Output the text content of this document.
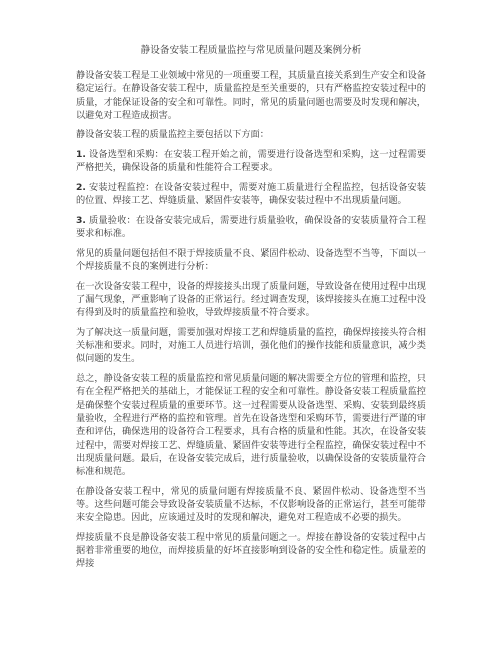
静设备安装工程质量监控与常见质量问题及案例分析

静设备安装工程是工业领域中常见的一项重要工程，其质量直接关系到生产安全和设备稳定运行。在静设备安装工程中，质量监控是至关重要的，只有严格监控安装过程中的质量，才能保证设备的安全和可靠性。同时，常见的质量问题也需要及时发现和解决，以避免对工程造成损害。

静设备安装工程的质量监控主要包括以下方面：

1. 设备选型和采购：在安装工程开始之前，需要进行设备选型和采购，这一过程需要严格把关，确保设备的质量和性能符合工程要求。

2. 安装过程监控：在设备安装过程中，需要对施工质量进行全程监控，包括设备安装的位置、焊接工艺、焊缝质量、紧固件安装等，确保安装过程中不出现质量问题。

3. 质量验收：在设备安装完成后，需要进行质量验收，确保设备的安装质量符合工程要求和标准。

常见的质量问题包括但不限于焊接质量不良、紧固件松动、设备选型不当等，下面以一个焊接质量不良的案例进行分析：

在一次设备安装工程中，设备的焊接接头出现了质量问题，导致设备在使用过程中出现了漏气现象，严重影响了设备的正常运行。经过调查发现，该焊接接头在施工过程中没有得到及时的质量监控和验收，导致焊接质量不符合要求。

为了解决这一质量问题，需要加强对焊接工艺和焊缝质量的监控，确保焊接接头符合相关标准和要求。同时，对施工人员进行培训，强化他们的操作技能和质量意识，减少类似问题的发生。

总之，静设备安装工程的质量监控和常见质量问题的解决需要全方位的管理和监控，只有在全程严格把关的基础上，才能保证工程的安全和可靠性。静设备安装工程质量监控是确保整个安装过程质量的重要环节。这一过程需要从设备选型、采购、安装到最终质量验收，全程进行严格的监控和管理。首先在设备选型和采购环节，需要进行严谨的审查和评估，确保选用的设备符合工程要求，具有合格的质量和性能。其次，在设备安装过程中，需要对焊接工艺、焊缝质量、紧固件安装等进行全程监控，确保安装过程中不出现质量问题。最后，在设备安装完成后，进行质量验收，以确保设备的安装质量符合标准和规范。

在静设备安装工程中，常见的质量问题有焊接质量不良、紧固件松动、设备选型不当等。这些问题可能会导致设备安装质量不达标，不仅影响设备的正常运行，甚至可能带来安全隐患。因此，应该通过及时的发现和解决，避免对工程造成不必要的损失。

焊接质量不良是静设备安装工程中常见的质量问题之一。焊接在静设备的安装过程中占据着非常重要的地位，而焊接质量的好坏直接影响到设备的安全性和稳定性。质量差的焊接
